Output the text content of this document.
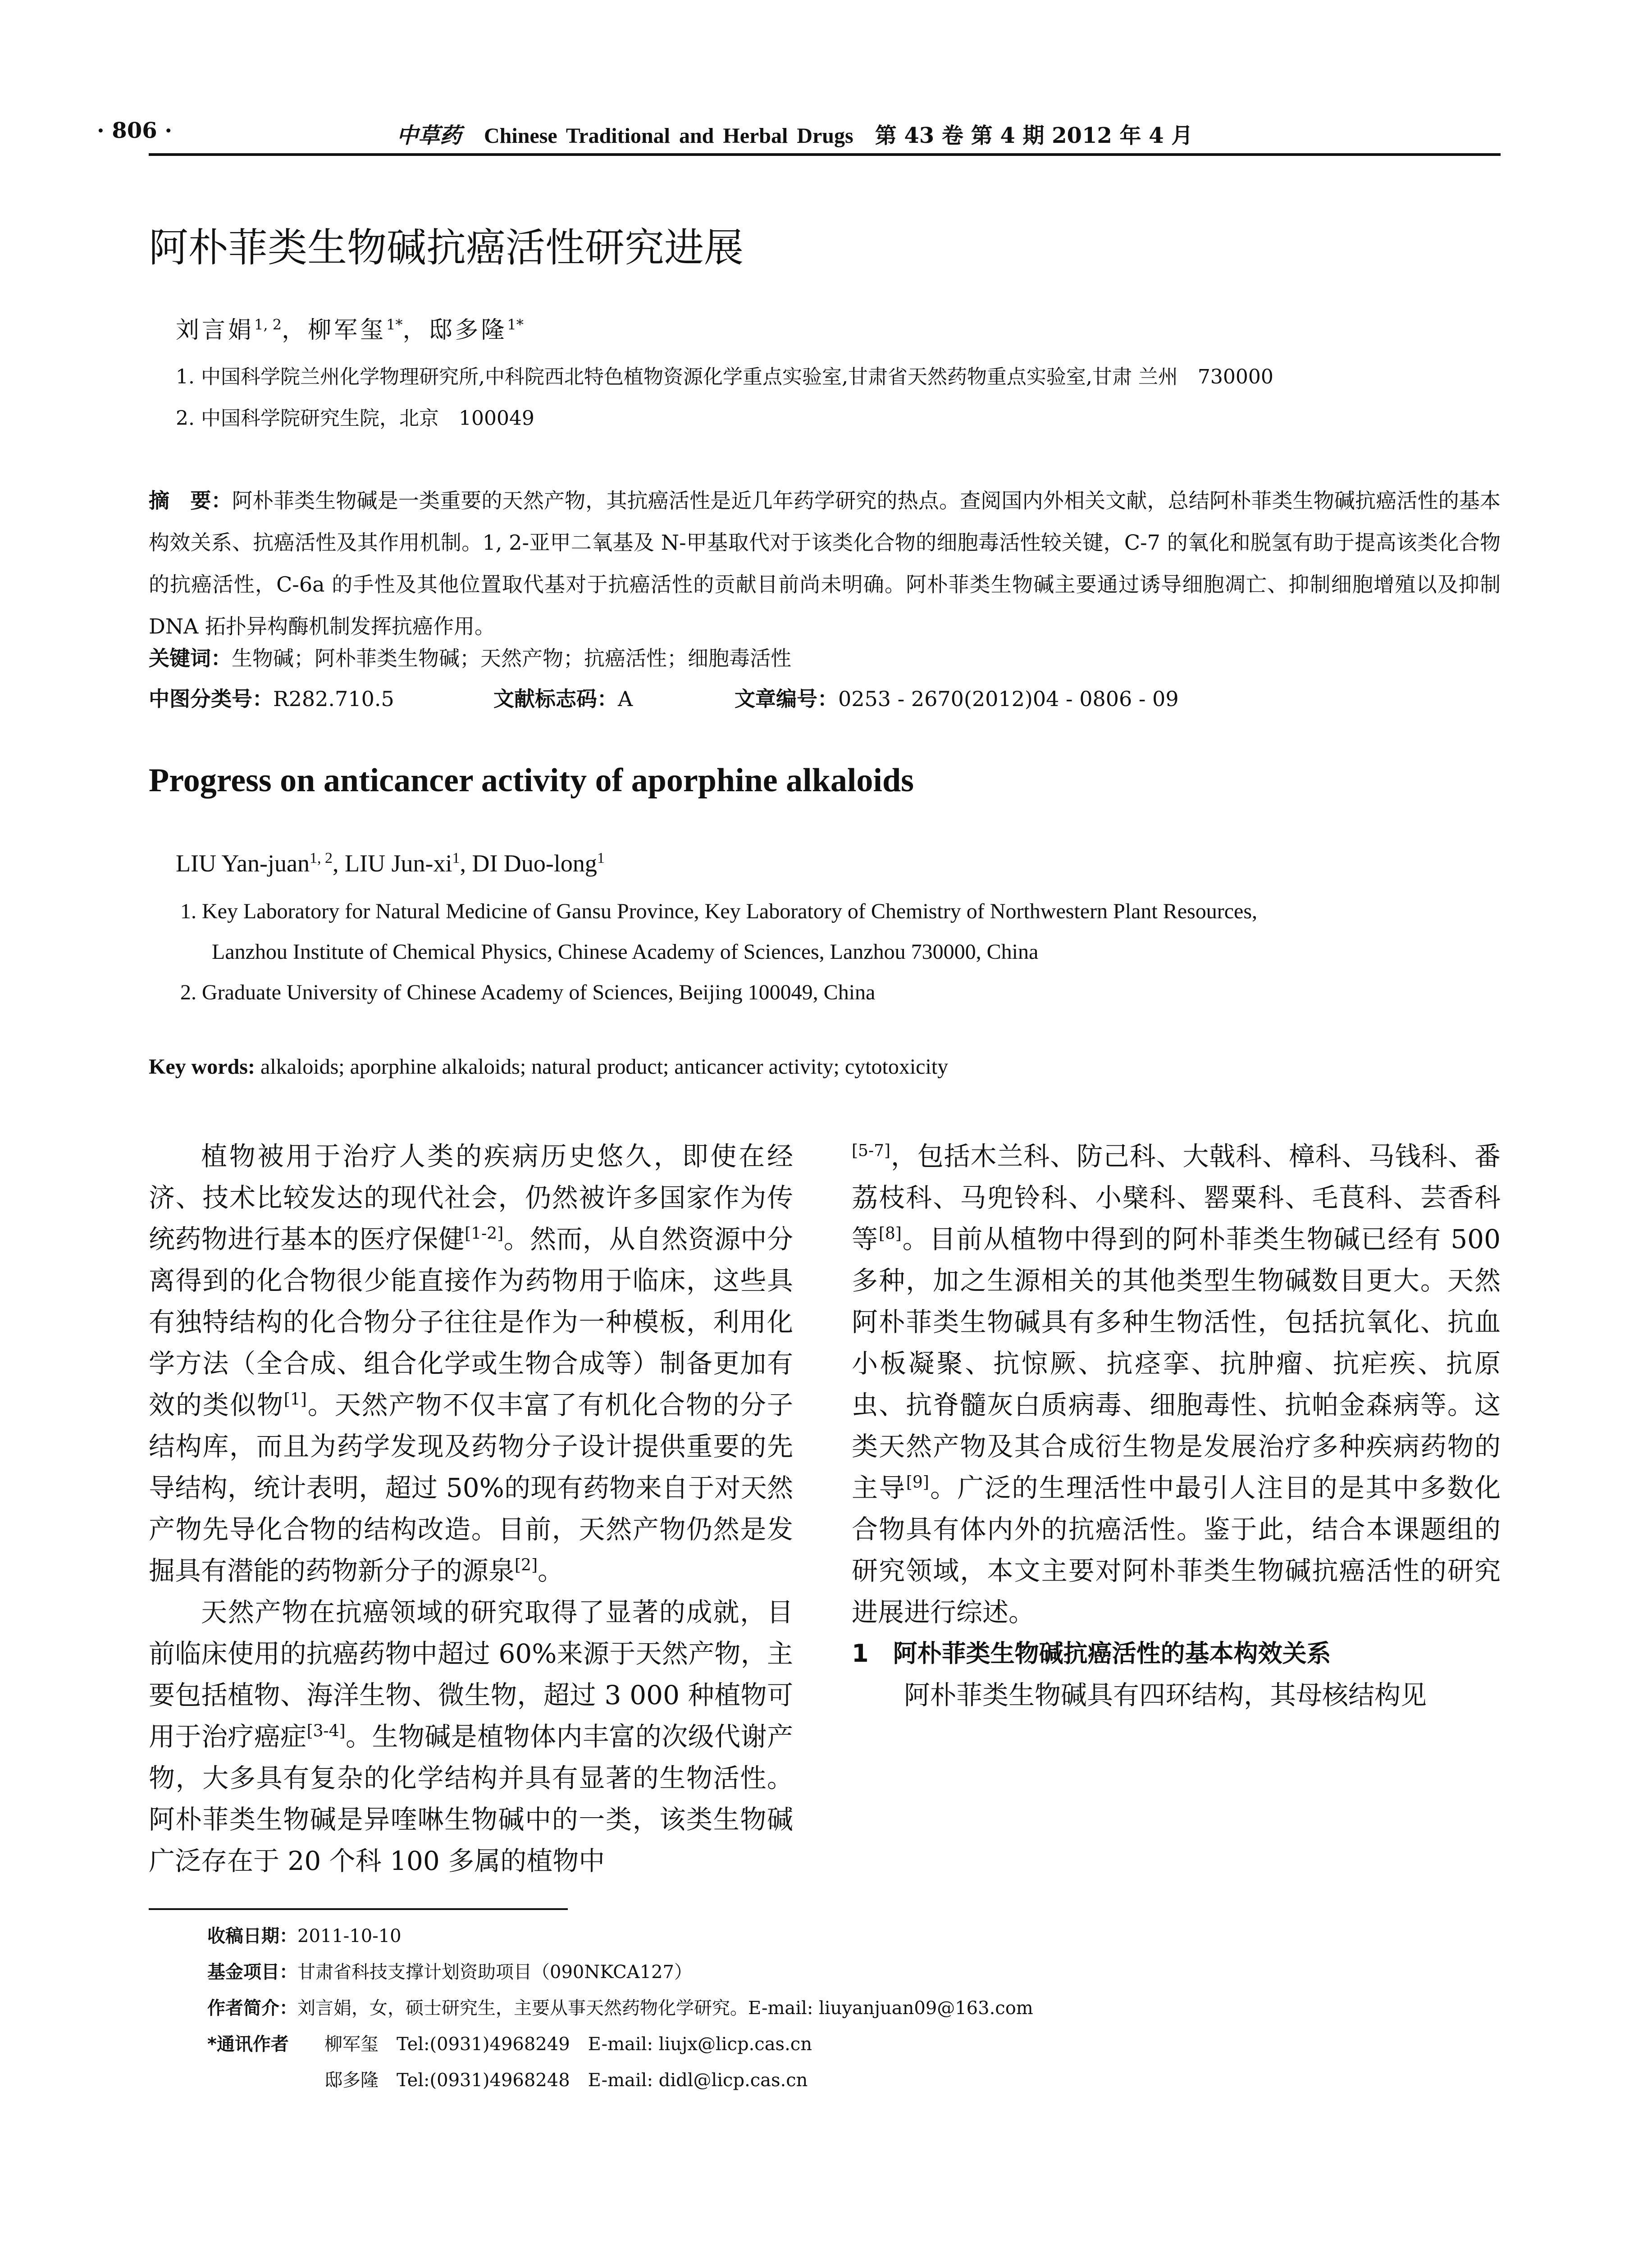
· 806 ·	中草药 Chinese Traditional and Herbal Drugs 第 43 卷 第 4 期 2012 年 4 月
阿朴菲类生物碱抗癌活性研究进展
刘言娟$^{1, 2}$，柳军玺$^{1*}$，邸多隆$^{1*}$
1. 中国科学院兰州化学物理研究所,中科院西北特色植物资源化学重点实验室,甘肃省天然药物重点实验室,甘肃 兰州　730000
2. 中国科学院研究生院，北京　100049
摘　要：阿朴菲类生物碱是一类重要的天然产物，其抗癌活性是近几年药学研究的热点。查阅国内外相关文献，总结阿朴菲类生物碱抗癌活性的基本构效关系、抗癌活性及其作用机制。1, 2-亚甲二氧基及 N-甲基取代对于该类化合物的细胞毒活性较关键，C-7 的氧化和脱氢有助于提高该类化合物的抗癌活性，C-6a 的手性及其他位置取代基对于抗癌活性的贡献目前尚未明确。阿朴菲类生物碱主要通过诱导细胞凋亡、抑制细胞增殖以及抑制 DNA 拓扑异构酶机制发挥抗癌作用。
关键词：生物碱；阿朴菲类生物碱；天然产物；抗癌活性；细胞毒活性
中图分类号：R282.710.5	文献标志码：A	文章编号：0253 - 2670(2012)04 - 0806 - 09
Progress on anticancer activity of aporphine alkaloids
LIU Yan-juan$^{1, 2}$, LIU Jun-$xi^1$, DI Duo-long$^1$
1. Key Laboratory for Natural Medicine of Gansu Province, Key Laboratory of Chemistry of Northwestern Plant Resources,
Lanzhou Institute of Chemical Physics, Chinese Academy of Sciences, Lanzhou 730000, China
2. Graduate University of Chinese Academy of Sciences, Beijing 100049, China
Key words: alkaloids; aporphine alkaloids; natural product; anticancer activity; cytotoxicity

植物被用于治疗人类的疾病历史悠久，即使在经济、技术比较发达的现代社会，仍然被许多国家作为传统药物进行基本的医疗保健[1-2]。然而，从自然资源中分离得到的化合物很少能直接作为药物用于临床，这些具有独特结构的化合物分子往往是作为一种模板，利用化学方法（全合成、组合化学或生物合成等）制备更加有效的类似物[1]。天然产物不仅丰富了有机化合物的分子结构库，而且为药学发现及药物分子设计提供重要的先导结构，统计表明，超过 50%的现有药物来自于对天然产物先导化合物的结构改造。目前，天然产物仍然是发掘具有潜能的药物新分子的源泉[2]。

天然产物在抗癌领域的研究取得了显著的成就，目前临床使用的抗癌药物中超过 60%来源于天然产物，主要包括植物、海洋生物、微生物，超过 3 000 种植物可用于治疗癌症[3-4]。生物碱是植物体内丰富的次级代谢产物，大多具有复杂的化学结构并具有显著的生物活性。阿朴菲类生物碱是异喹啉生物碱中的一类，该类生物碱广泛存在于 20 个科 100 多属的植物中

[5-7]，包括木兰科、防己科、大戟科、樟科、马钱科、番荔枝科、马兜铃科、小檗科、罂粟科、毛茛科、芸香科等[8]。目前从植物中得到的阿朴菲类生物碱已经有 500 多种，加之生源相关的其他类型生物碱数目更大。天然阿朴菲类生物碱具有多种生物活性，包括抗氧化、抗血小板凝聚、抗惊厥、抗痉挛、抗肿瘤、抗疟疾、抗原虫、抗脊髓灰白质病毒、细胞毒性、抗帕金森病等。这类天然产物及其合成衍生物是发展治疗多种疾病药物的主导[9]。广泛的生理活性中最引人注目的是其中多数化合物具有体内外的抗癌活性。鉴于此，结合本课题组的研究领域，本文主要对阿朴菲类生物碱抗癌活性的研究进展进行综述。

1　阿朴菲类生物碱抗癌活性的基本构效关系

阿朴菲类生物碱具有四环结构，其母核结构见

收稿日期：2011-10-10
基金项目：甘肃省科技支撑计划资助项目（090NKCA127）
作者简介：刘言娟，女，硕士研究生，主要从事天然药物化学研究。E-mail: liuyanjuan09@163.com
*通讯作者 柳军玺　Tel:(0931)4968249　E-mail: liujx@licp.cas.cn
邸多隆　Tel:(0931)4968248　E-mail: didl@licp.cas.cn
